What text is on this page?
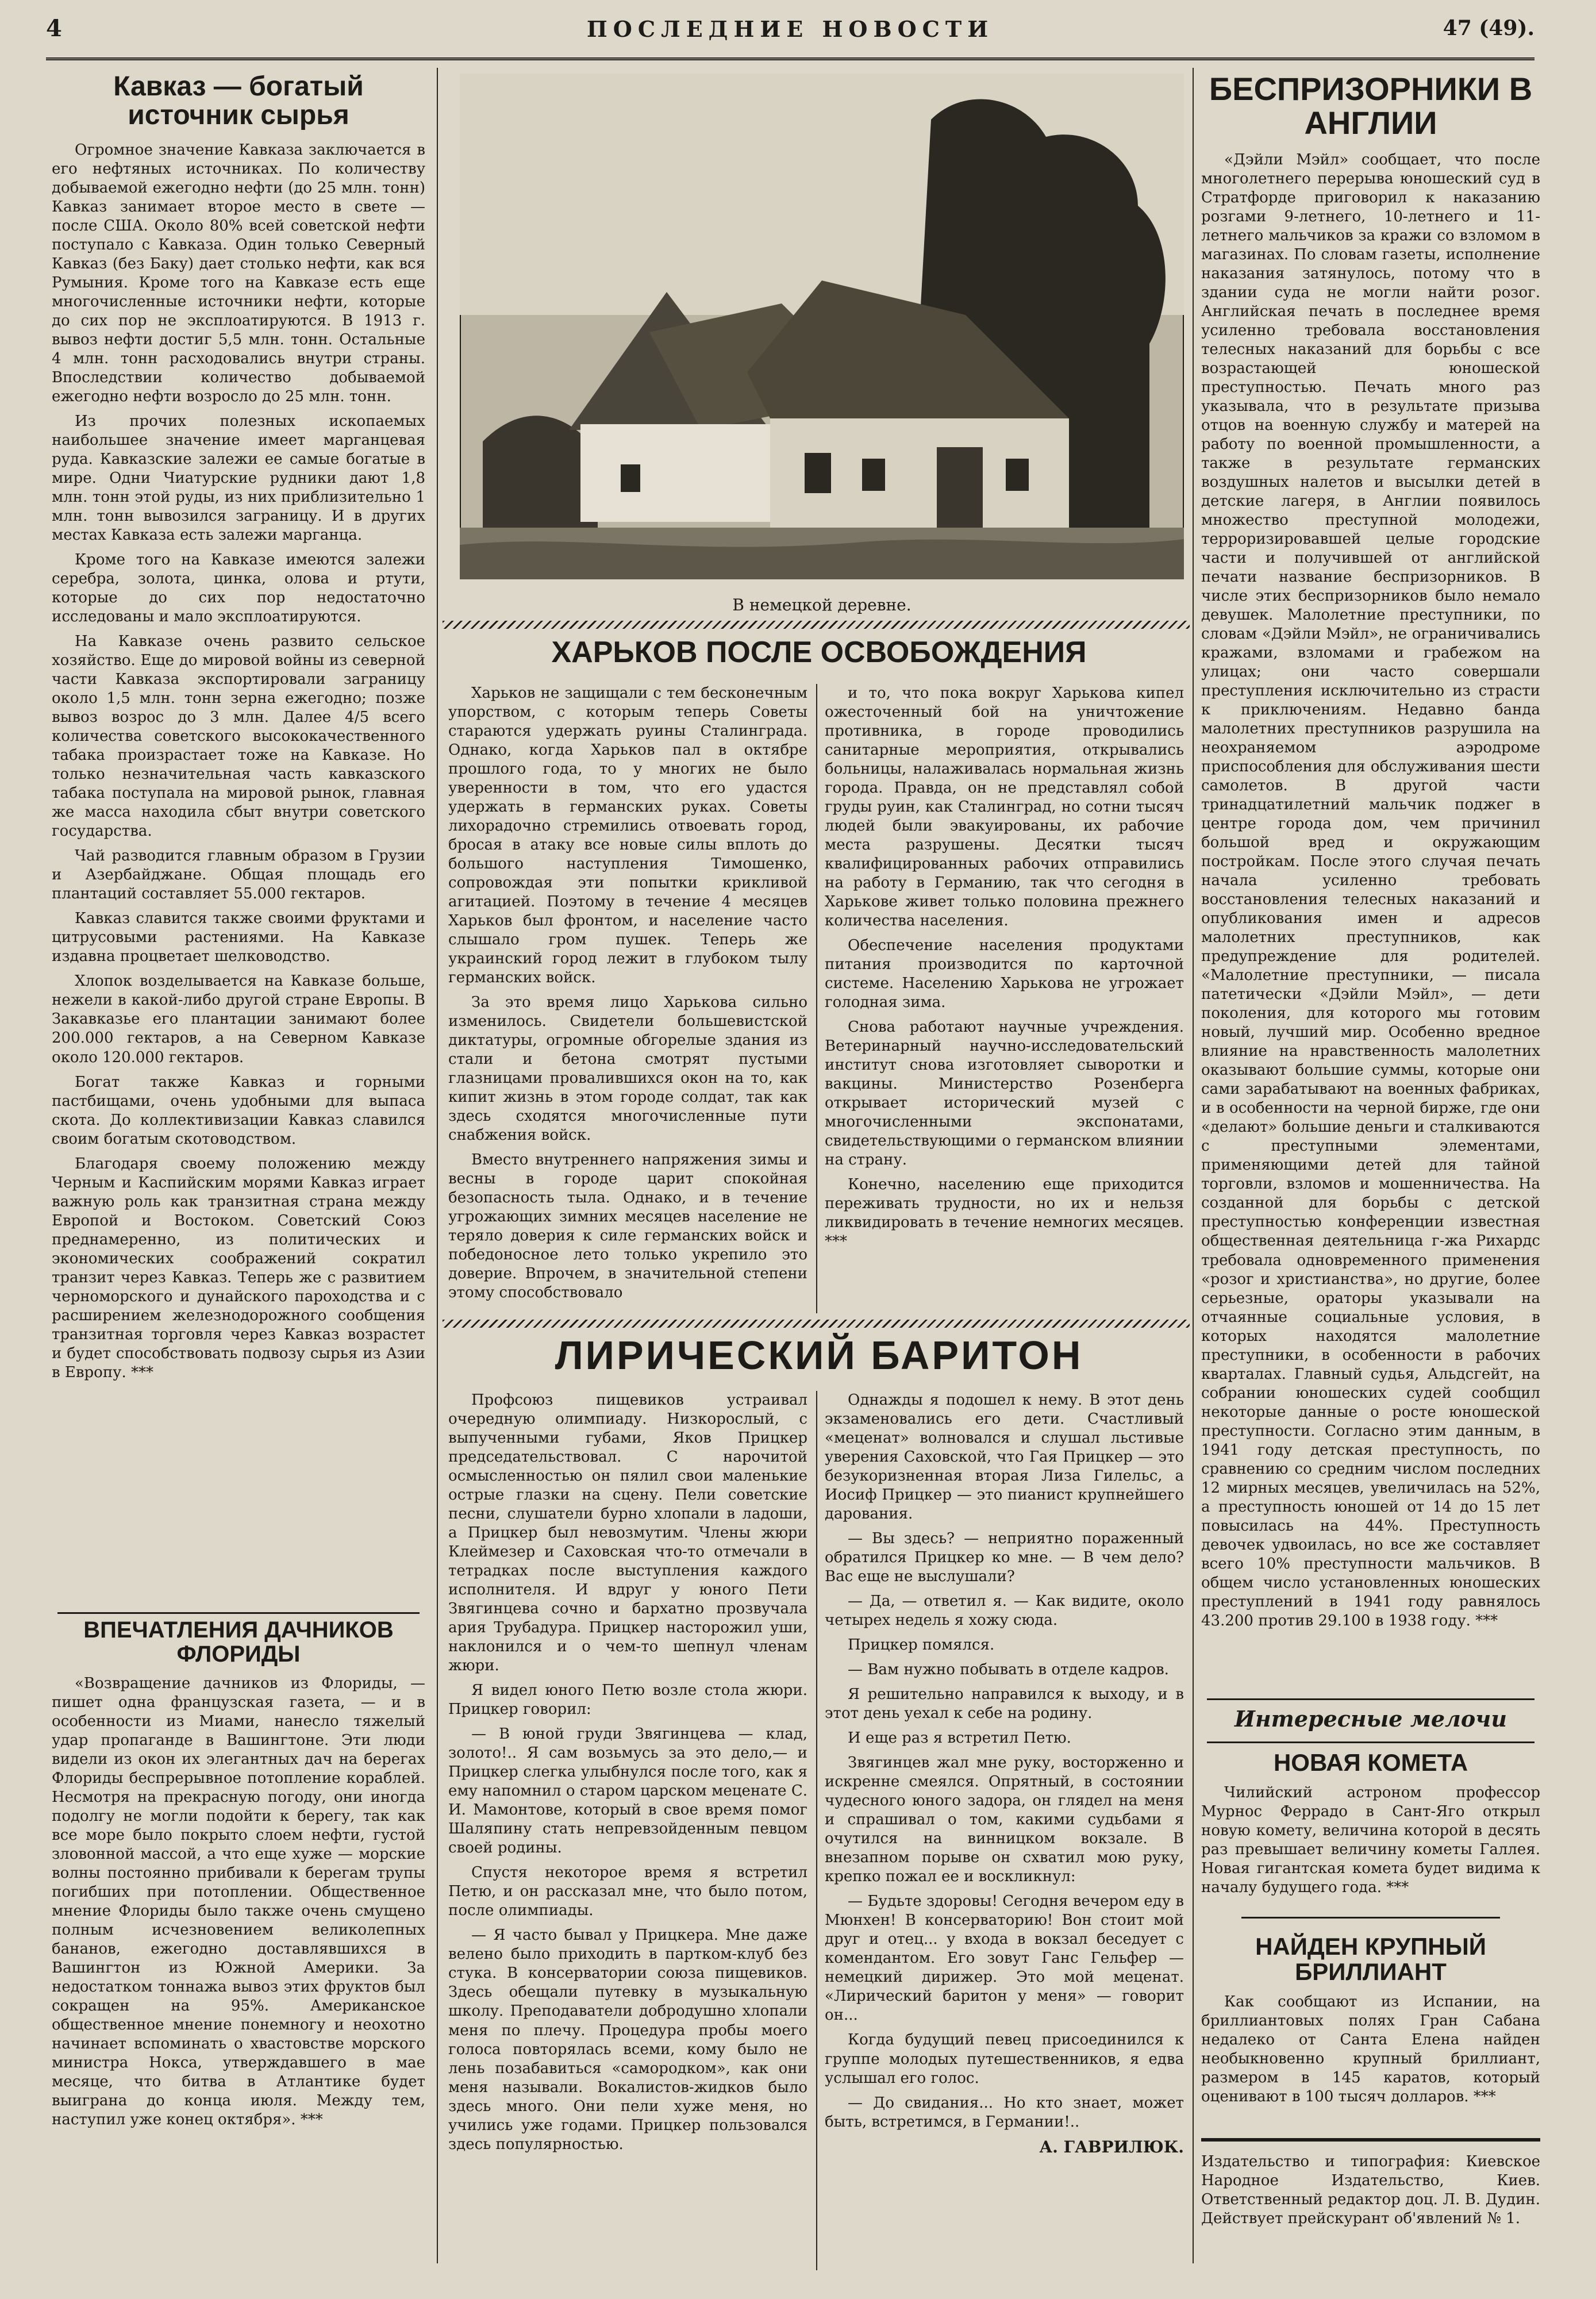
4	ПОСЛЕДНИЕ НОВОСТИ	47 (49).
Кавказ — богатый источник сырья

Огромное значение Кавказа заключается в его нефтяных источниках. По количеству добываемой ежегодно нефти (до 25 млн. тонн) Кавказ занимает второе место в свете — после США. Около 80% всей советской нефти поступало с Кавказа. Один только Северный Кавказ (без Баку) дает столько нефти, как вся Румыния. Кроме того на Кавказе есть еще многочисленные источники нефти, которые до сих пор не эксплоатируются. В 1913 г. вывоз нефти достиг 5,5 млн. тонн. Остальные 4 млн. тонн расходовались внутри страны. Впоследствии количество добываемой ежегодно нефти возросло до 25 млн. тонн.

Из прочих полезных ископаемых наибольшее значение имеет марганцевая руда. Кавказские залежи ее самые богатые в мире. Одни Чиатурские рудники дают 1,8 млн. тонн этой руды, из них приблизительно 1 млн. тонн вывозился заграницу. И в других местах Кавказа есть залежи марганца.

Кроме того на Кавказе имеются залежи серебра, золота, цинка, олова и ртути, которые до сих пор недостаточно исследованы и мало эксплоатируются.

На Кавказе очень развито сельское хозяйство. Еще до мировой войны из северной части Кавказа экспортировали заграницу около 1,5 млн. тонн зерна ежегодно; позже вывоз возрос до 3 млн. Далее 4/5 всего количества советского высококачественного табака произрастает тоже на Кавказе. Но только незначительная часть кавказского табака поступала на мировой рынок, главная же масса находила сбыт внутри советского государства.

Чай разводится главным образом в Грузии и Азербайджане. Общая площадь его плантаций составляет 55.000 гектаров.

Кавказ славится также своими фруктами и цитрусовыми растениями. На Кавказе издавна процветает шелководство.

Хлопок возделывается на Кавказе больше, нежели в какой-либо другой стране Европы. В Закавказье его плантации занимают более 200.000 гектаров, а на Северном Кавказе около 120.000 гектаров.

Богат также Кавказ и горными пастбищами, очень удобными для выпаса скота. До коллективизации Кавказ славился своим богатым скотоводством.

Благодаря своему положению между Черным и Каспийским морями Кавказ играет важную роль как транзитная страна между Европой и Востоком. Советский Союз преднамеренно, из политических и экономических соображений сократил транзит через Кавказ. Теперь же с развитием черноморского и дунайского пароходства и с расширением железнодорожного сообщения транзитная торговля через Кавказ возрастет и будет способствовать подвозу сырья из Азии в Европу. ***

ВПЕЧАТЛЕНИЯ ДАЧНИКОВ ФЛОРИДЫ

«Возвращение дачников из Флориды, — пишет одна французская газета, — и в особенности из Миами, нанесло тяжелый удар пропаганде в Вашингтоне. Эти люди видели из окон их элегантных дач на берегах Флориды беспрерывное потопление кораблей. Несмотря на прекрасную погоду, они иногда подолгу не могли подойти к берегу, так как все море было покрыто слоем нефти, густой зловонной массой, а что еще хуже — морские волны постоянно прибивали к берегам трупы погибших при потоплении. Общественное мнение Флориды было также очень смущено полным исчезновением великолепных бананов, ежегодно доставлявшихся в Вашингтон из Южной Америки. За недостатком тоннажа вывоз этих фруктов был сокращен на 95%. Американское общественное мнение понемногу и неохотно начинает вспоминать о хвастовстве морского министра Нокса, утверждавшего в мае месяце, что битва в Атлантике будет выиграна до конца июля. Между тем, наступил уже конец октября». ***

В немецкой деревне.
ХАРЬКОВ ПОСЛЕ ОСВОБОЖДЕНИЯ

Харьков не защищали с тем бесконечным упорством, с которым теперь Советы стараются удержать руины Сталинграда. Однако, когда Харьков пал в октябре прошлого года, то у многих не было уверенности в том, что его удастся удержать в германских руках. Советы лихорадочно стремились отвоевать город, бросая в атаку все новые силы вплоть до большого наступления Тимошенко, сопровождая эти попытки крикливой агитацией. Поэтому в течение 4 месяцев Харьков был фронтом, и население часто слышало гром пушек. Теперь же украинский город лежит в глубоком тылу германских войск.

За это время лицо Харькова сильно изменилось. Свидетели большевистской диктатуры, огромные обгорелые здания из стали и бетона смотрят пустыми глазницами провалившихся окон на то, как кипит жизнь в этом городе солдат, так как здесь сходятся многочисленные пути снабжения войск.

Вместо внутреннего напряжения зимы и весны в городе царит спокойная безопасность тыла. Однако, и в течение угрожающих зимних месяцев население не теряло доверия к силе германских войск и победоносное лето только укрепило это доверие. Впрочем, в значительной степени этому способствовало

и то, что пока вокруг Харькова кипел ожесточенный бой на уничтожение противника, в городе проводились санитарные мероприятия, открывались больницы, налаживалась нормальная жизнь города. Правда, он не представлял собой груды руин, как Сталинград, но сотни тысяч людей были эвакуированы, их рабочие места разрушены. Десятки тысяч квалифицированных рабочих отправились на работу в Германию, так что сегодня в Харькове живет только половина прежнего количества населения.

Обеспечение населения продуктами питания производится по карточной системе. Населению Харькова не угрожает голодная зима.

Снова работают научные учреждения. Ветеринарный научно-исследовательский институт снова изготовляет сыворотки и вакцины. Министерство Розенберга открывает исторический музей с многочисленными экспонатами, свидетельствующими о германском влиянии на страну.

Конечно, населению еще приходится переживать трудности, но их и нельзя ликвидировать в течение немногих месяцев. ***

ЛИРИЧЕСКИЙ БАРИТОН

Профсоюз пищевиков устраивал очередную олимпиаду. Низкорослый, с выпученными губами, Яков Прицкер председательствовал. С нарочитой осмысленностью он пялил свои маленькие острые глазки на сцену. Пели советские песни, слушатели бурно хлопали в ладоши, а Прицкер был невозмутим. Члены жюри Клеймезер и Саховская что-то отмечали в тетрадках после выступления каждого исполнителя. И вдруг у юного Пети Звягинцева сочно и бархатно прозвучала ария Трубадура. Прицкер насторожил уши, наклонился и о чем-то шепнул членам жюри.

Я видел юного Петю возле стола жюри. Прицкер говорил:

— В юной груди Звягинцева — клад, золото!.. Я сам возьмусь за это дело,— и Прицкер слегка улыбнулся после того, как я ему напомнил о старом царском меценате С. И. Мамонтове, который в свое время помог Шаляпину стать непревзойденным певцом своей родины.

Спустя некоторое время я встретил Петю, и он рассказал мне, что было потом, после олимпиады.

— Я часто бывал у Прицкера. Мне даже велено было приходить в партком-клуб без стука. В консерватории союза пищевиков. Здесь обещали путевку в музыкальную школу. Преподаватели добродушно хлопали меня по плечу. Процедура пробы моего голоса повторялась всеми, кому было не лень позабавиться «самородком», как они меня называли. Вокалистов-жидков было здесь много. Они пели хуже меня, но учились уже годами. Прицкер пользовался здесь популярностью.

Однажды я подошел к нему. В этот день экзаменовались его дети. Счастливый «меценат» волновался и слушал льстивые уверения Саховской, что Гая Прицкер — это безукоризненная вторая Лиза Гилельс, а Иосиф Прицкер — это пианист крупнейшего дарования.

— Вы здесь? — неприятно пораженный обратился Прицкер ко мне. — В чем дело? Вас еще не выслушали?

— Да, — ответил я. — Как видите, около четырех недель я хожу сюда.

Прицкер помялся.

— Вам нужно побывать в отделе кадров.

Я решительно направился к выходу, и в этот день уехал к себе на родину.

И еще раз я встретил Петю.

Звягинцев жал мне руку, восторженно и искренне смеялся. Опрятный, в состоянии чудесного юного задора, он глядел на меня и спрашивал о том, какими судьбами я очутился на винницком вокзале. В внезапном порыве он схватил мою руку, крепко пожал ее и воскликнул:

— Будьте здоровы! Сегодня вечером еду в Мюнхен! В консерваторию! Вон стоит мой друг и отец... у входа в вокзал беседует с комендантом. Его зовут Ганс Гельфер — немецкий дирижер. Это мой меценат. «Лирический баритон у меня» — говорит он...

Когда будущий певец присоединился к группе молодых путешественников, я едва услышал его голос.

— До свидания... Но кто знает, может быть, встретимся, в Германии!..

А. ГАВРИЛЮК.
БЕСПРИЗОРНИКИ В АНГЛИИ

«Дэйли Мэйл» сообщает, что после многолетнего перерыва юношеский суд в Стратфорде приговорил к наказанию розгами 9-летнего, 10-летнего и 11-летнего мальчиков за кражи со взломом в магазинах. По словам газеты, исполнение наказания затянулось, потому что в здании суда не могли найти розог. Английская печать в последнее время усиленно требовала восстановления телесных наказаний для борьбы с все возрастающей юношеской преступностью. Печать много раз указывала, что в результате призыва отцов на военную службу и матерей на работу по военной промышленности, а также в результате германских воздушных налетов и высылки детей в детские лагеря, в Англии появилось множество преступной молодежи, терроризировавшей целые городские части и получившей от английской печати название беспризорников. В числе этих беспризорников было немало девушек. Малолетние преступники, по словам «Дэйли Мэйл», не ограничивались кражами, взломами и грабежом на улицах; они часто совершали преступления исключительно из страсти к приключениям. Недавно банда малолетних преступников разрушила на неохраняемом аэродроме приспособления для обслуживания шести самолетов. В другой части тринадцатилетний мальчик поджег в центре города дом, чем причинил большой вред и окружающим постройкам. После этого случая печать начала усиленно требовать восстановления телесных наказаний и опубликования имен и адресов малолетних преступников, как предупреждение для родителей. «Малолетние преступники, — писала патетически «Дэйли Мэйл», — дети поколения, для которого мы готовим новый, лучший мир. Особенно вредное влияние на нравственность малолетних оказывают большие суммы, которые они сами зарабатывают на военных фабриках, и в особенности на черной бирже, где они «делают» большие деньги и сталкиваются с преступными элементами, применяющими детей для тайной торговли, взломов и мошенничества. На созданной для борьбы с детской преступностью конференции известная общественная деятельница г-жа Рихардс требовала одновременного применения «розог и христианства», но другие, более серьезные, ораторы указывали на отчаянные социальные условия, в которых находятся малолетние преступники, в особенности в рабочих кварталах. Главный судья, Альдсгейт, на собрании юношеских судей сообщил некоторые данные о росте юношеской преступности. Согласно этим данным, в 1941 году детская преступность, по сравнению со средним числом последних 12 мирных месяцев, увеличилась на 52%, а преступность юношей от 14 до 15 лет повысилась на 44%. Преступность девочек удвоилась, но все же составляет всего 10% преступности мальчиков. В общем число установленных юношеских преступлений в 1941 году равнялось 43.200 против 29.100 в 1938 году. ***

Интересные мелочи
НОВАЯ КОМЕТА

Чилийский астроном профессор Мурнос Феррадо в Сант-Яго открыл новую комету, величина которой в десять раз превышает величину кометы Галлея. Новая гигантская комета будет видима к началу будущего года. ***

НАЙДЕН КРУПНЫЙ БРИЛЛИАНТ

Как сообщают из Испании, на бриллиантовых полях Гран Сабана недалеко от Санта Елена найден необыкновенно крупный бриллиант, размером в 145 каратов, который оценивают в 100 тысяч долларов. ***

Издательство и типография: Киевское Народное Издательство, Киев. Ответственный редактор доц. Л. В. Дудин. Действует прейскурант об'явлений № 1.
